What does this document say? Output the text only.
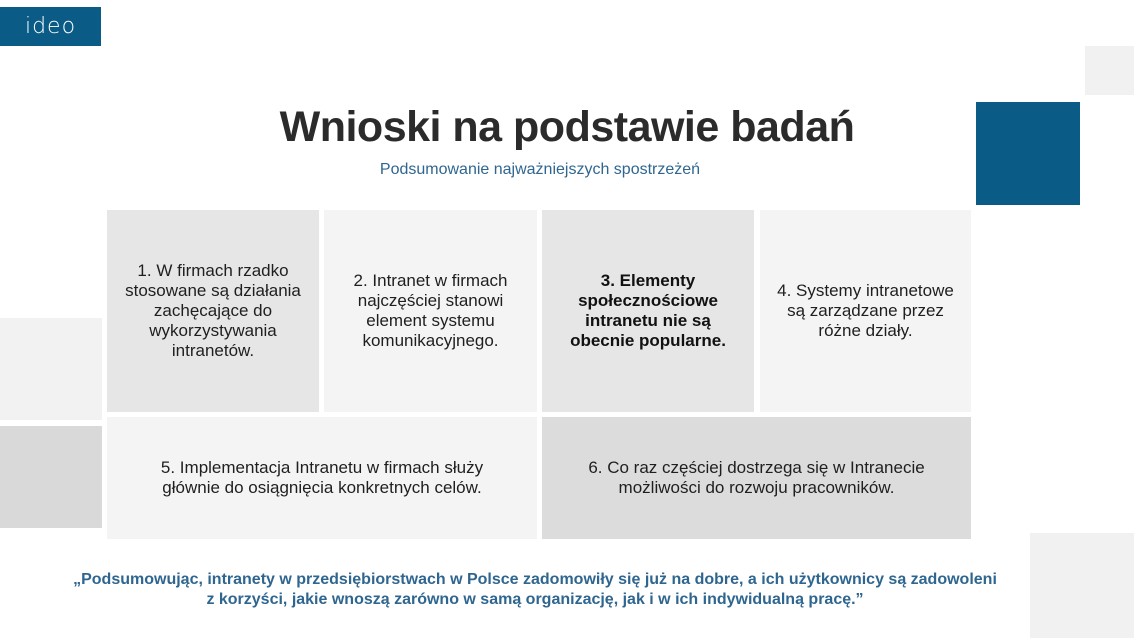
ideo
Wnioski na podstawie badań
Podsumowanie najważniejszych spostrzeżeń
1. W firmach rzadko stosowane są działania zachęcające do wykorzystywania intranetów.
2. Intranet w firmach najczęściej stanowi element systemu komunikacyjnego.
3. Elementy społecznościowe intranetu nie są obecnie popularne.
4. Systemy intranetowe są zarządzane przez różne działy.
5. Implementacja Intranetu w firmach służy głównie do osiągnięcia konkretnych celów.
6. Co raz częściej dostrzega się w Intranecie możliwości do rozwoju pracowników.
„Podsumowując, intranety w przedsiębiorstwach w Polsce zadomowiły się już na dobre, a ich użytkownicy są zadowoleni z korzyści, jakie wnoszą zarówno w samą organizację, jak i w ich indywidualną pracę.”
